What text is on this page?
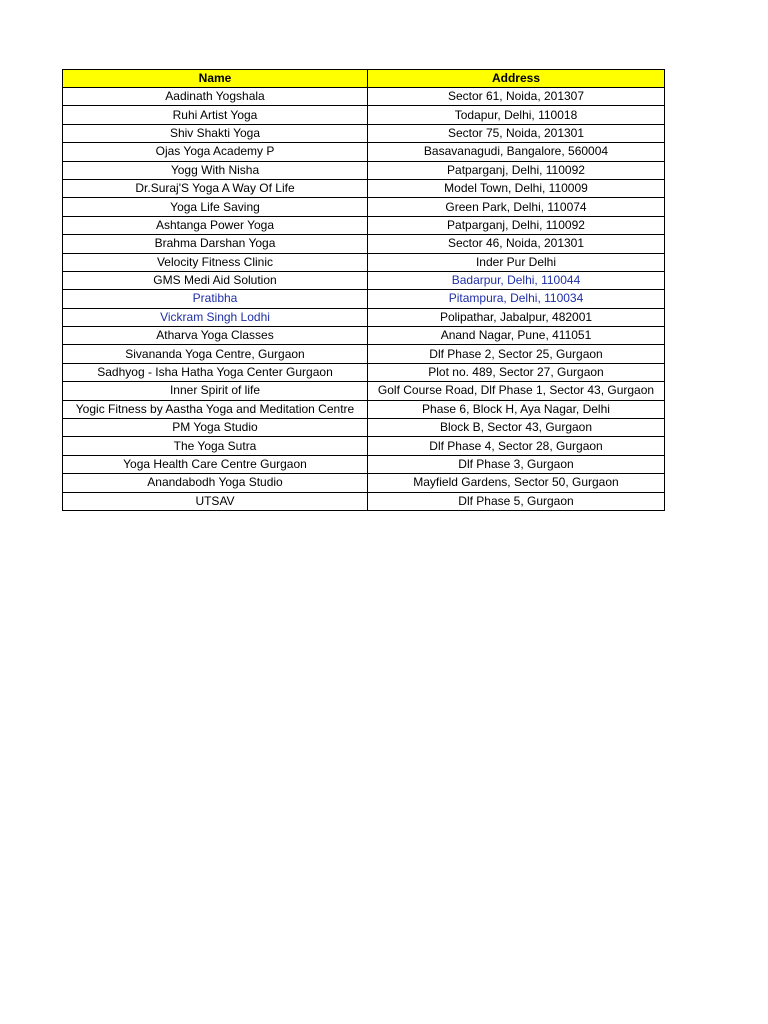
Name	Address
Aadinath Yogshala	Sector 61, Noida, 201307
Ruhi Artist Yoga	Todapur, Delhi, 110018
Shiv Shakti Yoga	Sector 75, Noida, 201301
Ojas Yoga Academy P	Basavanagudi, Bangalore, 560004
Yogg With Nisha	Patparganj, Delhi, 110092
Dr.Suraj'S Yoga A Way Of Life	Model Town, Delhi, 110009
Yoga Life Saving	Green Park, Delhi, 110074
Ashtanga Power Yoga	Patparganj, Delhi, 110092
Brahma Darshan Yoga	Sector 46, Noida, 201301
Velocity Fitness Clinic	Inder Pur Delhi
GMS Medi Aid Solution	Badarpur, Delhi, 110044
Pratibha	Pitampura, Delhi, 110034
Vickram Singh Lodhi	Polipathar, Jabalpur, 482001
Atharva Yoga Classes	Anand Nagar, Pune, 411051
Sivananda Yoga Centre, Gurgaon	Dlf Phase 2, Sector 25, Gurgaon
Sadhyog - Isha Hatha Yoga Center Gurgaon	Plot no. 489, Sector 27, Gurgaon
Inner Spirit of life	Golf Course Road, Dlf Phase 1, Sector 43, Gurgaon
Yogic Fitness by Aastha Yoga and Meditation Centre	Phase 6, Block H, Aya Nagar, Delhi
PM Yoga Studio	Block B, Sector 43, Gurgaon
The Yoga Sutra	Dlf Phase 4, Sector 28, Gurgaon
Yoga Health Care Centre Gurgaon	Dlf Phase 3, Gurgaon
Anandabodh Yoga Studio	Mayfield Gardens, Sector 50, Gurgaon
UTSAV	Dlf Phase 5, Gurgaon
